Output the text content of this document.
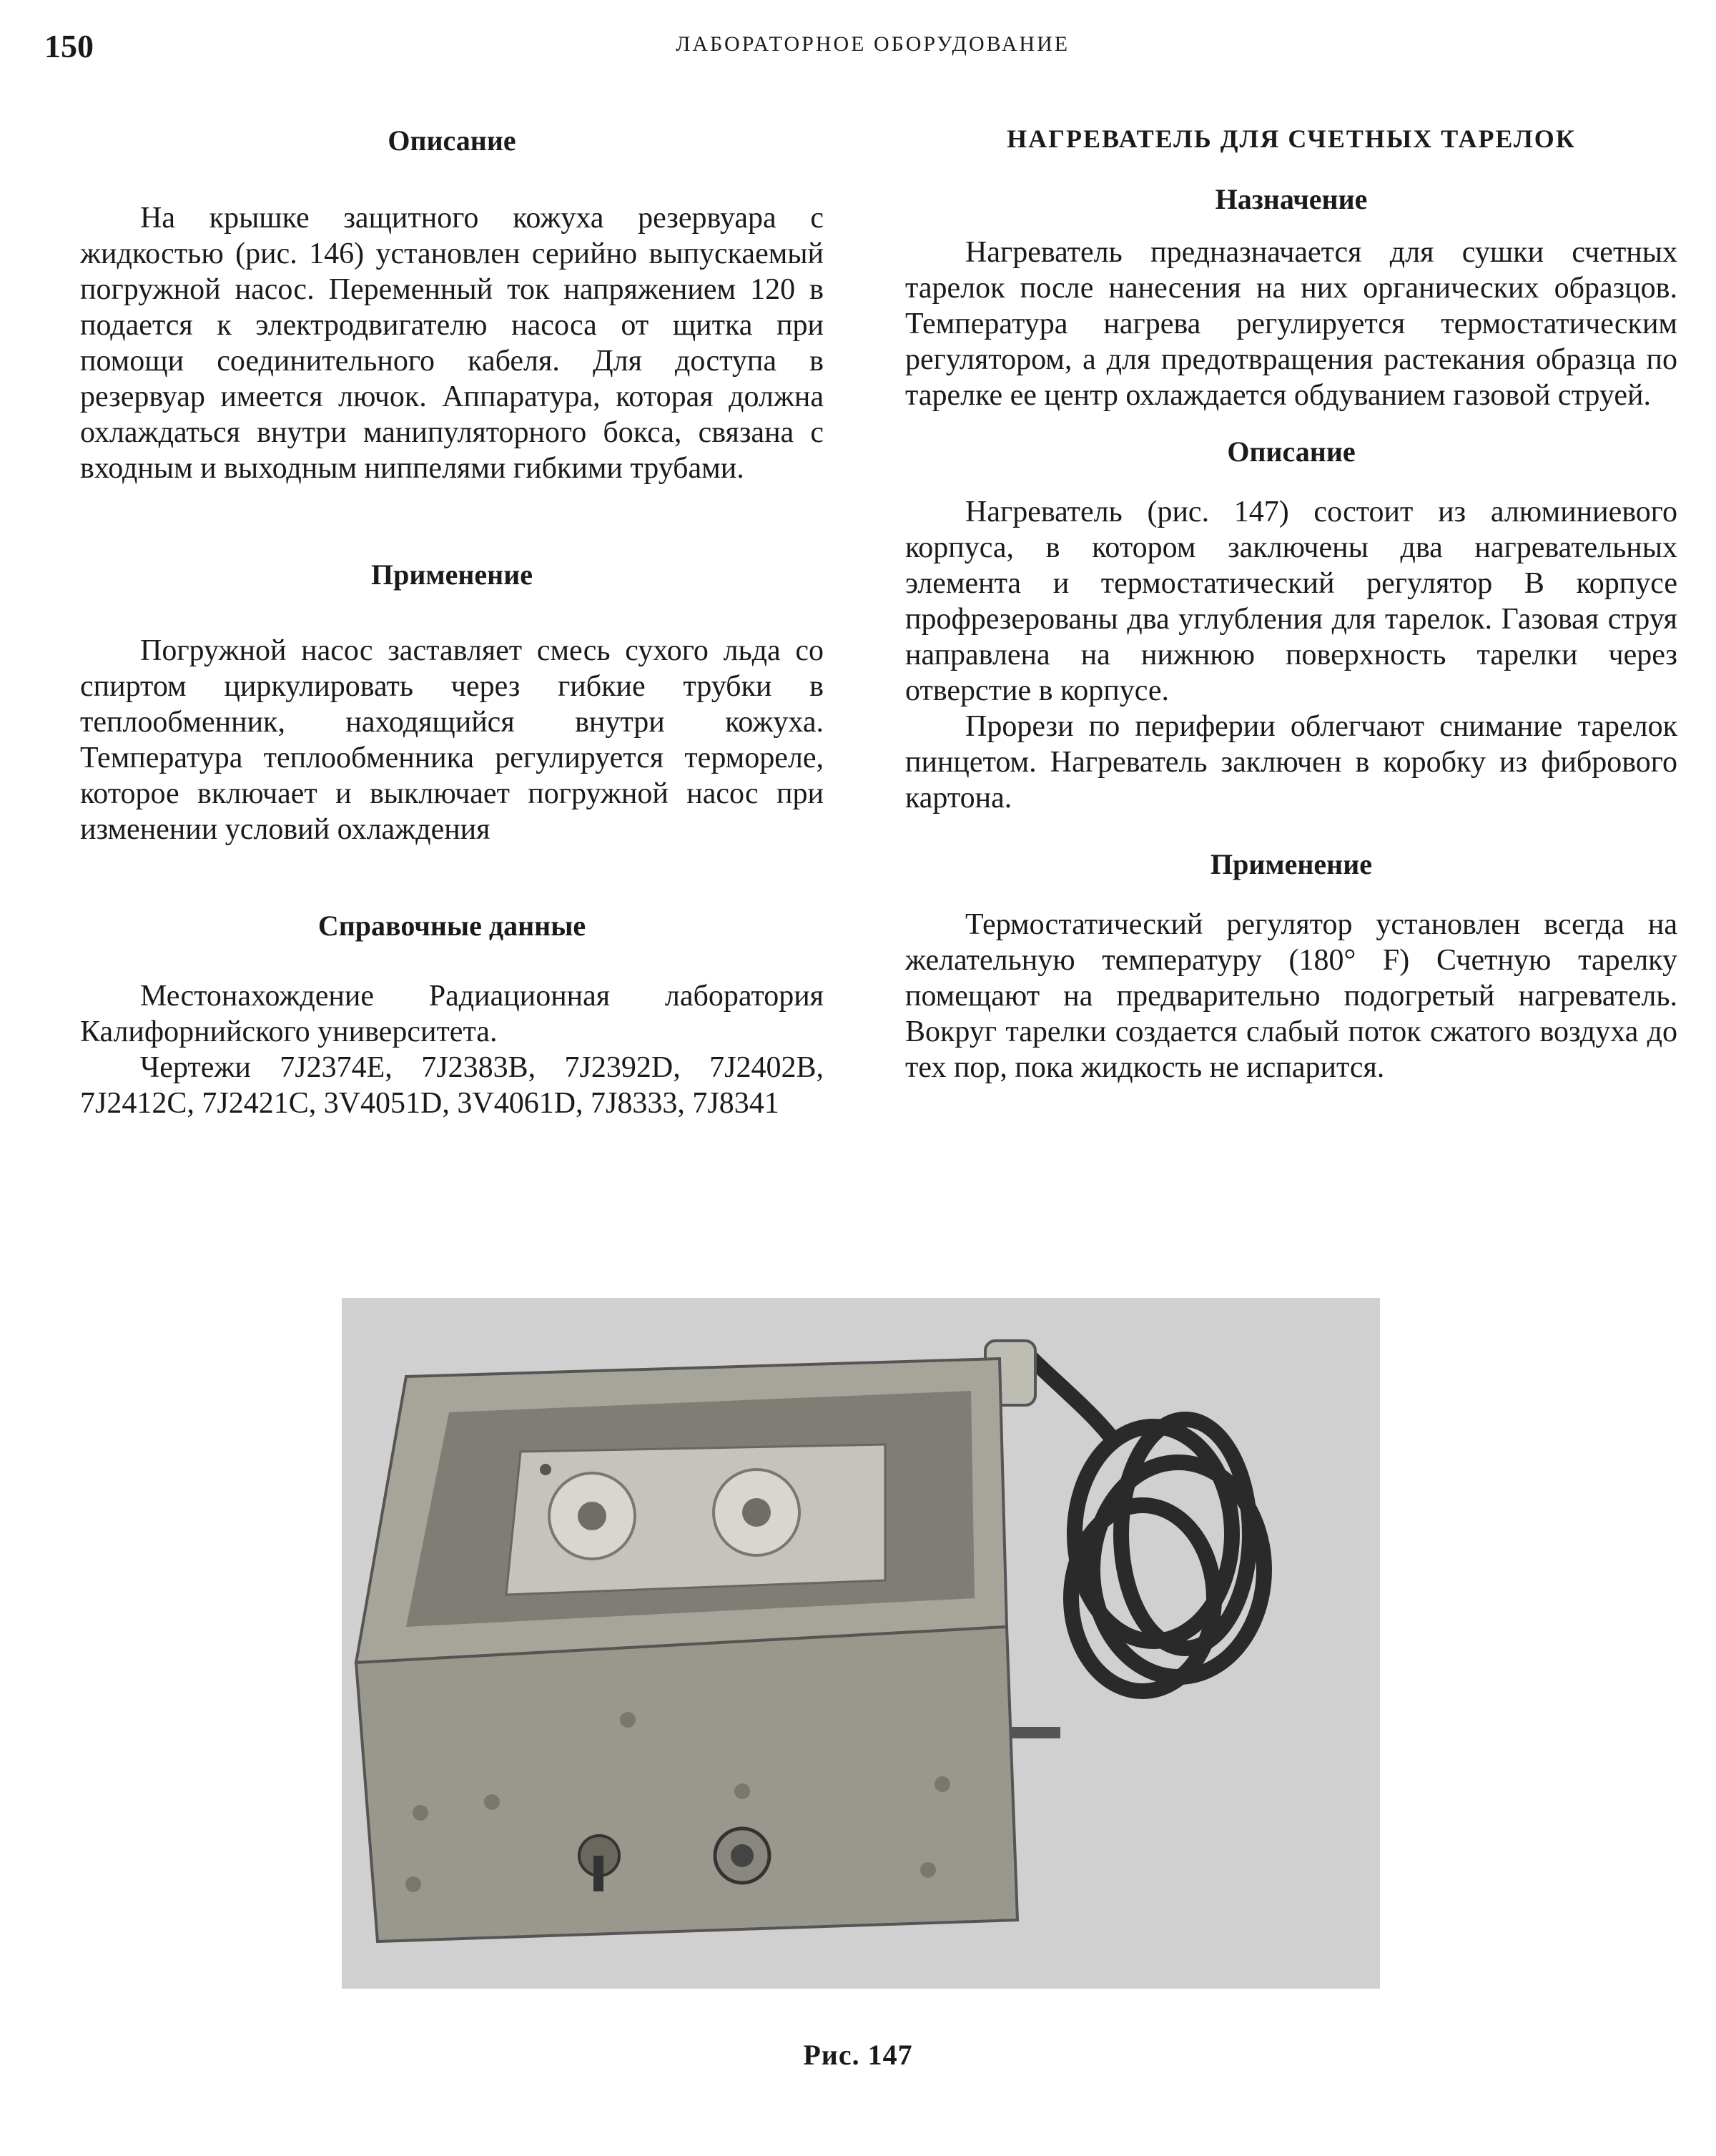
150	ЛАБОРАТОРНОЕ ОБОРУДОВАНИЕ
Описание

На крышке защитного кожуха резервуара с жидкостью (рис. 146) установлен серийно выпускаемый погружной насос. Переменный ток напряжением 120 в подается к электродвигателю насоса от щитка при помощи соединительного кабеля. Для доступа в резервуар имеется лючок. Аппаратура, которая должна охлаждаться внутри манипуляторного бокса, связана с входным и выходным ниппелями гибкими трубами.

Применение

Погружной насос заставляет смесь сухого льда со спиртом циркулировать через гибкие трубки в теплообменник, находящийся внутри кожуха. Температура теплообменника регулируется термореле, которое включает и выключает погружной насос при изменении условий охлаждения

Справочные данные

Местонахождение Радиационная лаборатория Калифорнийского университета.

Чертежи 7J2374E, 7J2383B, 7J2392D, 7J2402B, 7J2412C, 7J2421C, 3V4051D, 3V4061D, 7J8333, 7J8341

НАГРЕВАТЕЛЬ ДЛЯ СЧЕТНЫХ ТАРЕЛОК
Назначение

Нагреватель предназначается для сушки счетных тарелок после нанесения на них органических образцов. Температура нагрева регулируется термостатическим регулятором, а для предотвращения растекания образца по тарелке ее центр охлаждается обдуванием газовой струей.

Описание

Нагреватель (рис. 147) состоит из алюминиевого корпуса, в котором заключены два нагревательных элемента и термостатический регулятор В корпусе профрезерованы два углубления для тарелок. Газовая струя направлена на нижнюю поверхность тарелки через отверстие в корпусе.

Прорези по периферии облегчают снимание тарелок пинцетом. Нагреватель заключен в коробку из фибрового картона.

Применение

Термостатический регулятор установлен всегда на желательную температуру (180° F) Счетную тарелку помещают на предварительно подогретый нагреватель. Вокруг тарелки создается слабый поток сжатого воздуха до тех пор, пока жидкость не испарится.

Рис. 147
